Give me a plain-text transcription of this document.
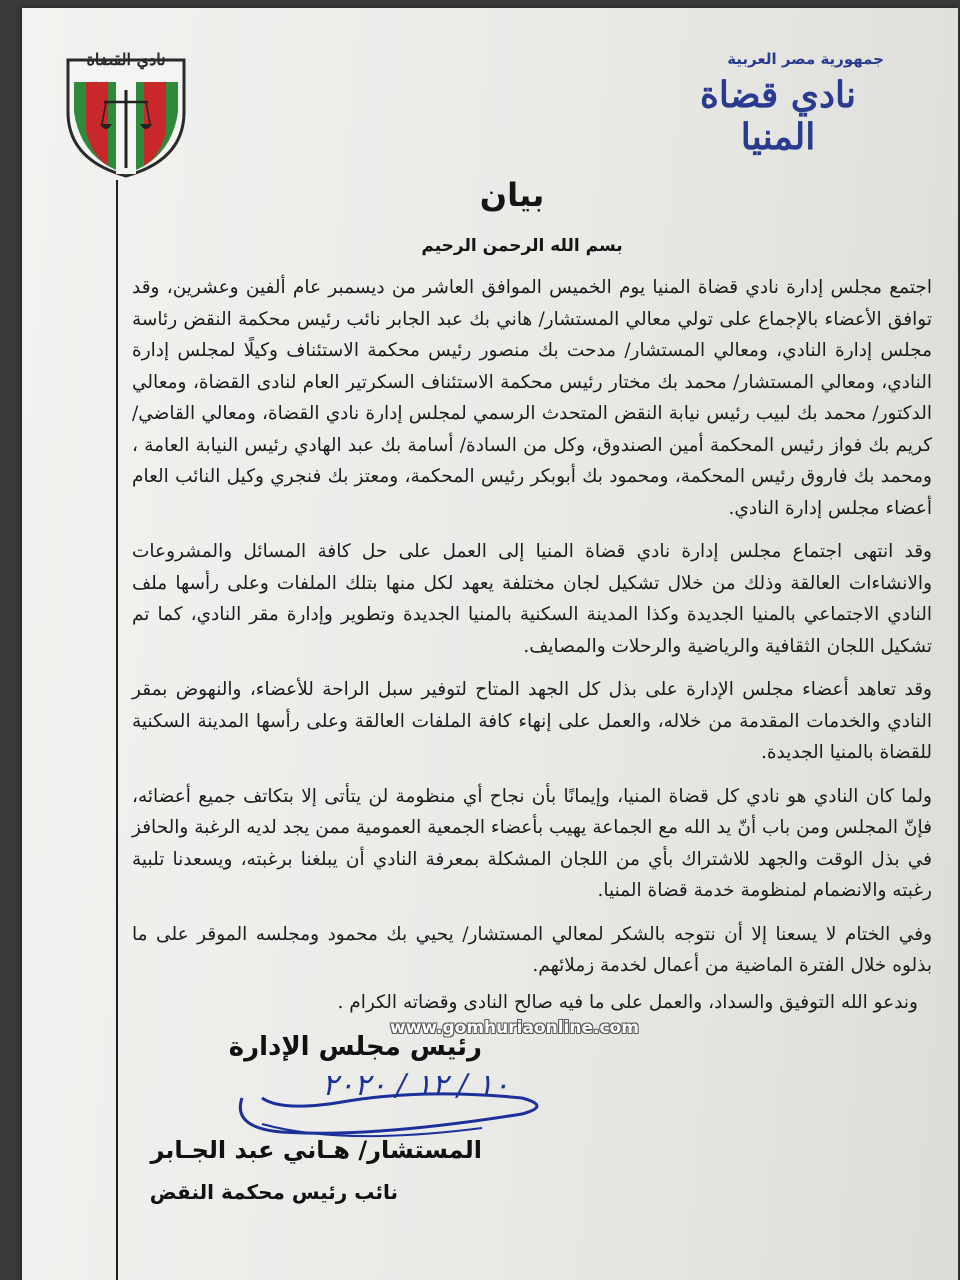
جمهورية مصر العربية
نادي قضاة المنيا
نادي القضاة
بيان
بسم الله الرحمن الرحيم

اجتمع مجلس إدارة نادي قضاة المنيا يوم الخميس الموافق العاشر من ديسمبر عام ألفين وعشرين، وقد توافق الأعضاء بالإجماع على تولي معالي المستشار/ هاني بك عبد الجابر نائب رئيس محكمة النقض رئاسة مجلس إدارة النادي، ومعالي المستشار/ مدحت بك منصور رئيس محكمة الاستئناف وكيلًا لمجلس إدارة النادي، ومعالي المستشار/ محمد بك مختار رئيس محكمة الاستئناف السكرتير العام لنادى القضاة، ومعالي الدكتور/ محمد بك لبيب رئيس نيابة النقض المتحدث الرسمي لمجلس إدارة نادي القضاة، ومعالي القاضي/ كريم بك فواز رئيس المحكمة أمين الصندوق، وكل من السادة/ أسامة بك عبد الهادي رئيس النيابة العامة ، ومحمد بك فاروق رئيس المحكمة، ومحمود بك أبوبكر رئيس المحكمة، ومعتز بك فنجري وكيل النائب العام أعضاء مجلس إدارة النادي.

وقد انتهى اجتماع مجلس إدارة نادي قضاة المنيا إلى العمل على حل كافة المسائل والمشروعات والانشاءات العالقة وذلك من خلال تشكيل لجان مختلفة يعهد لكل منها بتلك الملفات وعلى رأسها ملف النادي الاجتماعي بالمنيا الجديدة وكذا المدينة السكنية بالمنيا الجديدة وتطوير وإدارة مقر النادي، كما تم تشكيل اللجان الثقافية والرياضية والرحلات والمصايف.

وقد تعاهد أعضاء مجلس الإدارة على بذل كل الجهد المتاح لتوفير سبل الراحة للأعضاء، والنهوض بمقر النادي والخدمات المقدمة من خلاله، والعمل على إنهاء كافة الملفات العالقة وعلى رأسها المدينة السكنية للقضاة بالمنيا الجديدة.

ولما كان النادي هو نادي كل قضاة المنيا، وإيمانًا بأن نجاح أي منظومة لن يتأتى إلا بتكاتف جميع أعضائه، فإنّ المجلس ومن باب أنّ يد الله مع الجماعة يهيب بأعضاء الجمعية العمومية ممن يجد لديه الرغبة والحافز في بذل الوقت والجهد للاشتراك بأي من اللجان المشكلة بمعرفة النادي أن يبلغنا برغبته، ويسعدنا تلبية رغبته والانضمام لمنظومة خدمة قضاة المنيا.

وفي الختام لا يسعنا إلا أن نتوجه بالشكر لمعالي المستشار/ يحيي بك محمود ومجلسه الموقر على ما بذلوه خلال الفترة الماضية من أعمال لخدمة زملائهم.

وندعو الله التوفيق والسداد، والعمل على ما فيه صالح النادى وقضاته الكرام .
رئيس مجلس الإدارة
www.gomhuriaonline.com
١٠ / ١٢ / ٢٠٢٠
المستشار/ هـاني عبد الجـابر
نائب رئيس محكمة النقض
